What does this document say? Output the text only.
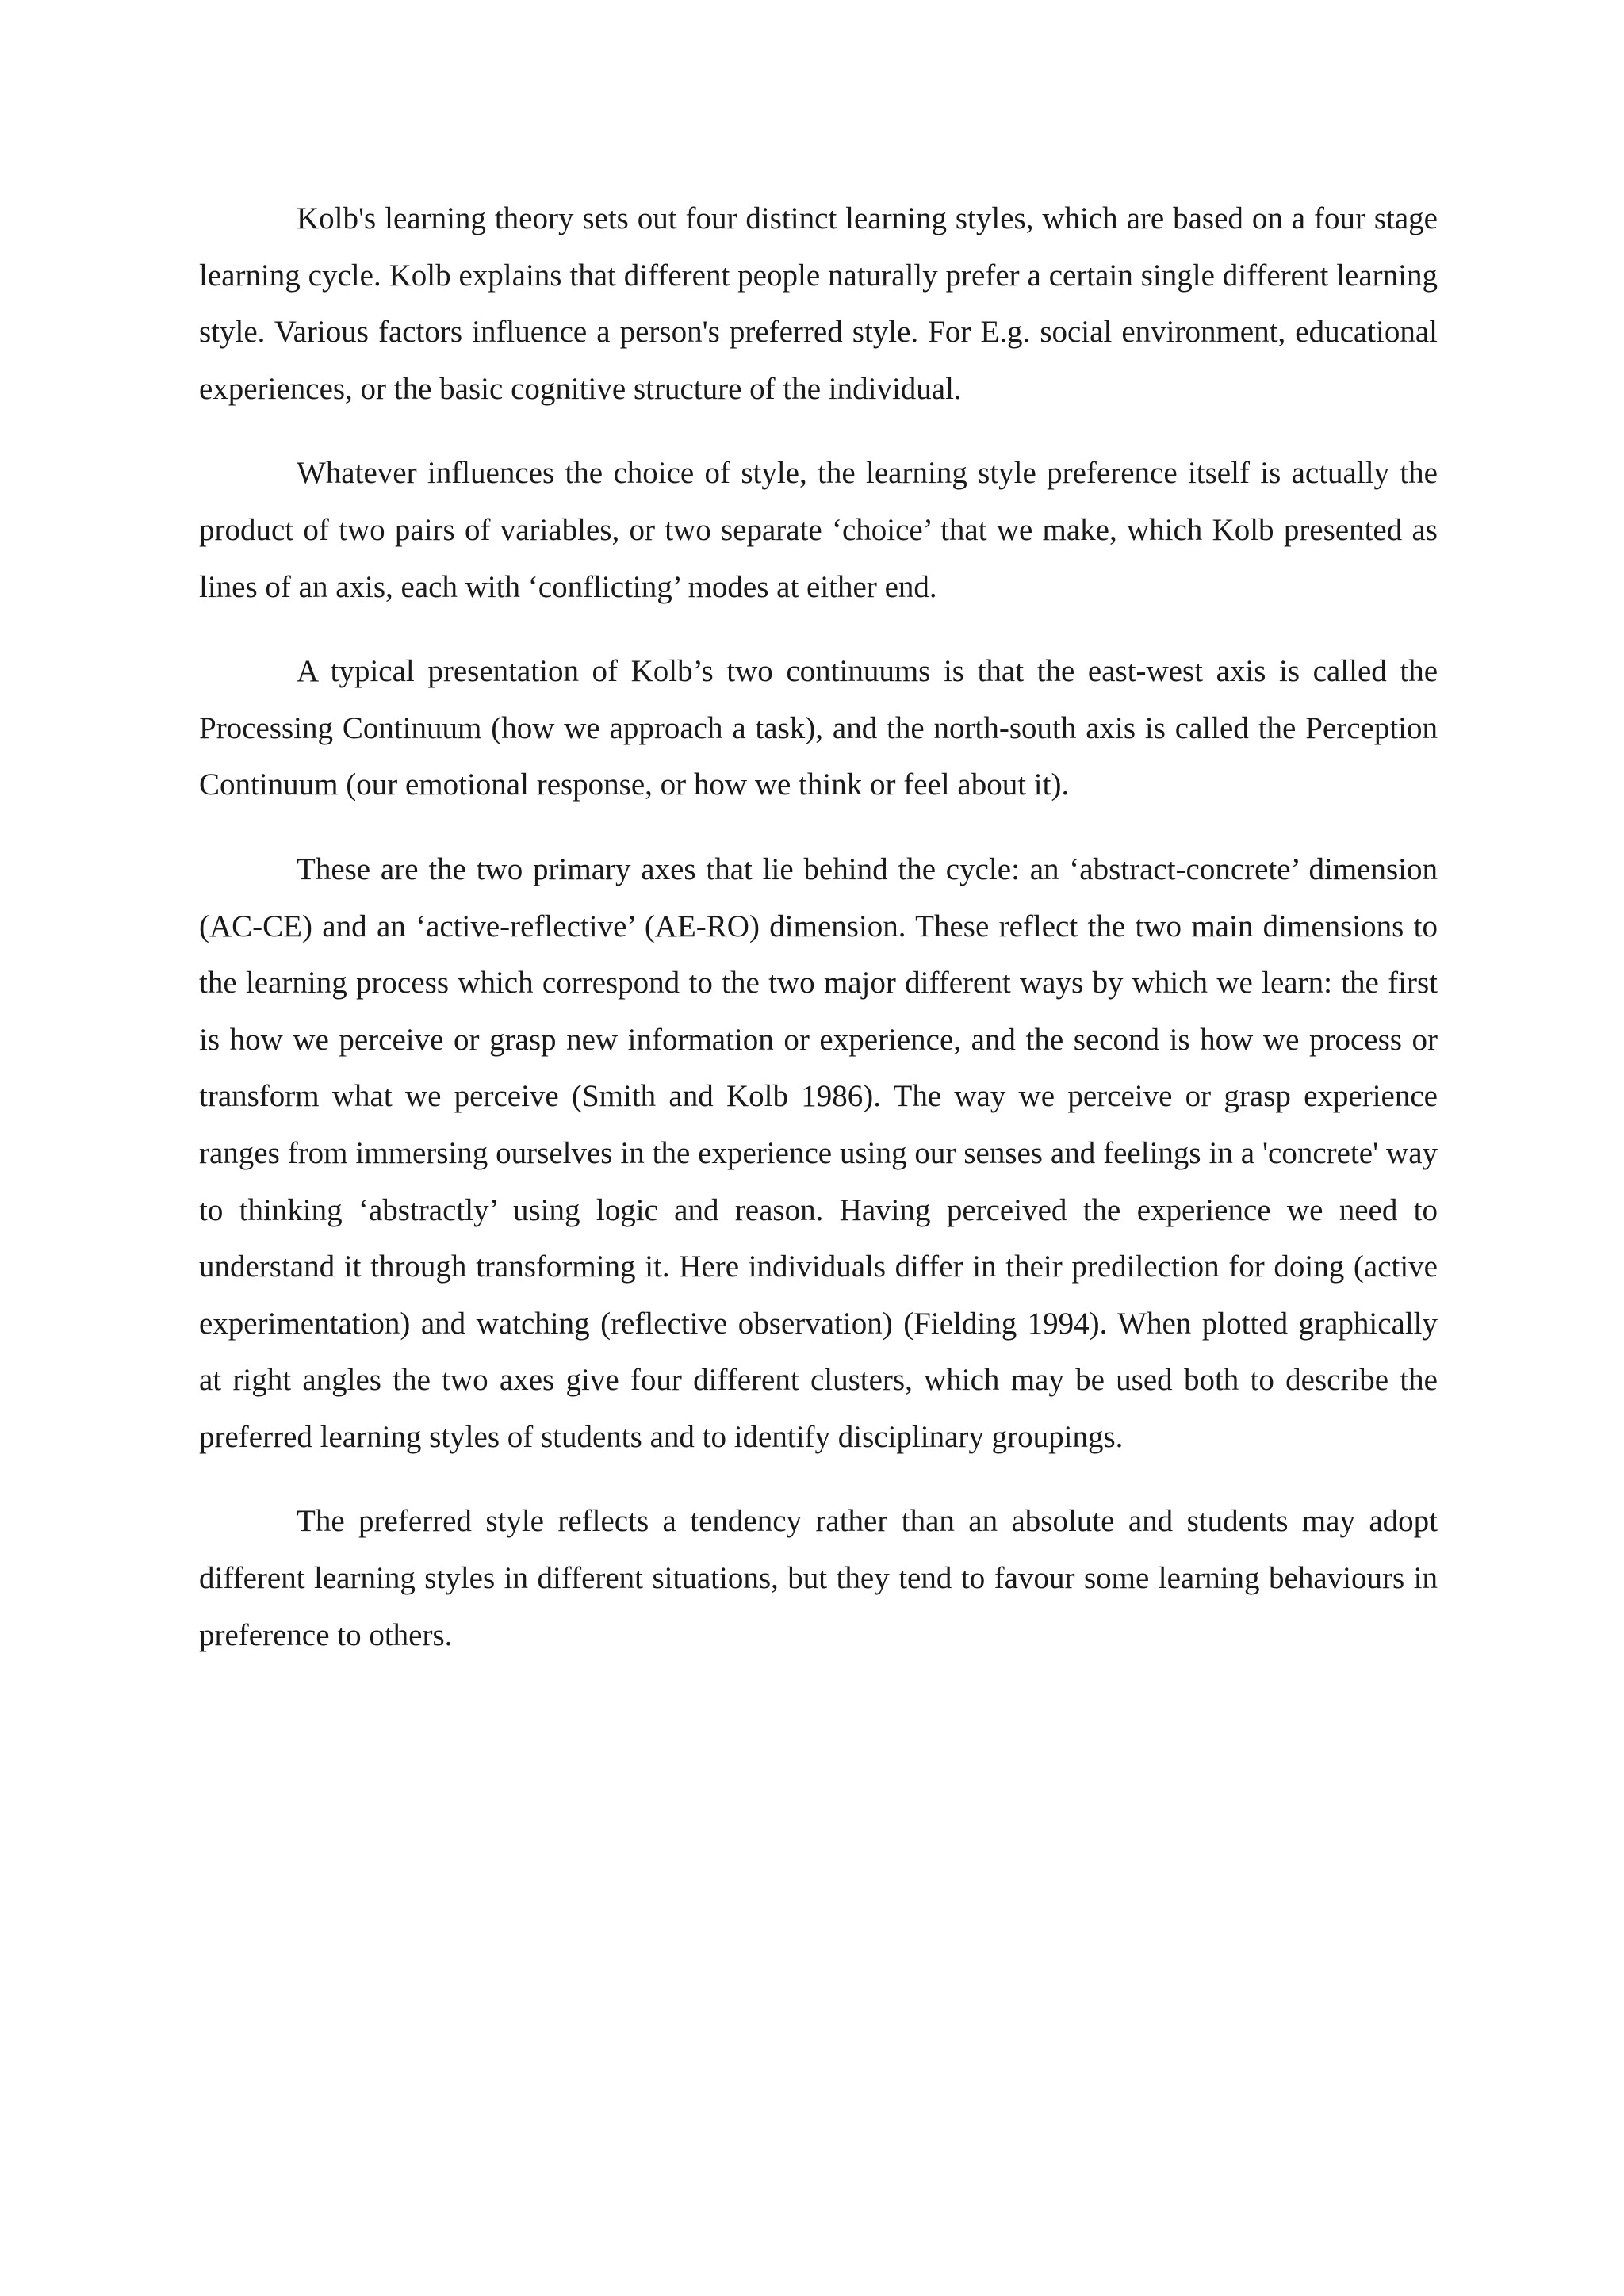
Kolb's learning theory sets out four distinct learning styles, which are based on a four stage learning cycle. Kolb explains that different people naturally prefer a certain single different learning style. Various factors influence a person's preferred style. For E.g. social environment, educational experiences, or the basic cognitive structure of the individual.

Whatever influences the choice of style, the learning style preference itself is actually the product of two pairs of variables, or two separate ‘choice’ that we make, which Kolb presented as lines of an axis, each with ‘conflicting’ modes at either end.

A typical presentation of Kolb’s two continuums is that the east-west axis is called the Processing Continuum (how we approach a task), and the north-south axis is called the Perception Continuum (our emotional response, or how we think or feel about it).

These are the two primary axes that lie behind the cycle: an ‘abstract-concrete’ dimension (AC-CE) and an ‘active-reflective’ (AE-RO) dimension. These reflect the two main dimensions to the learning process which correspond to the two major different ways by which we learn: the first is how we perceive or grasp new information or experience, and the second is how we process or transform what we perceive (Smith and Kolb 1986). The way we perceive or grasp experience ranges from immersing ourselves in the experience using our senses and feelings in a 'concrete' way to thinking ‘abstractly’ using logic and reason. Having perceived the experience we need to understand it through transforming it. Here individuals differ in their predilection for doing (active experimentation) and watching (reflective observation) (Fielding 1994). When plotted graphically at right angles the two axes give four different clusters, which may be used both to describe the preferred learning styles of students and to identify disciplinary groupings.

The preferred style reflects a tendency rather than an absolute and students may adopt different learning styles in different situations, but they tend to favour some learning behaviours in preference to others.
